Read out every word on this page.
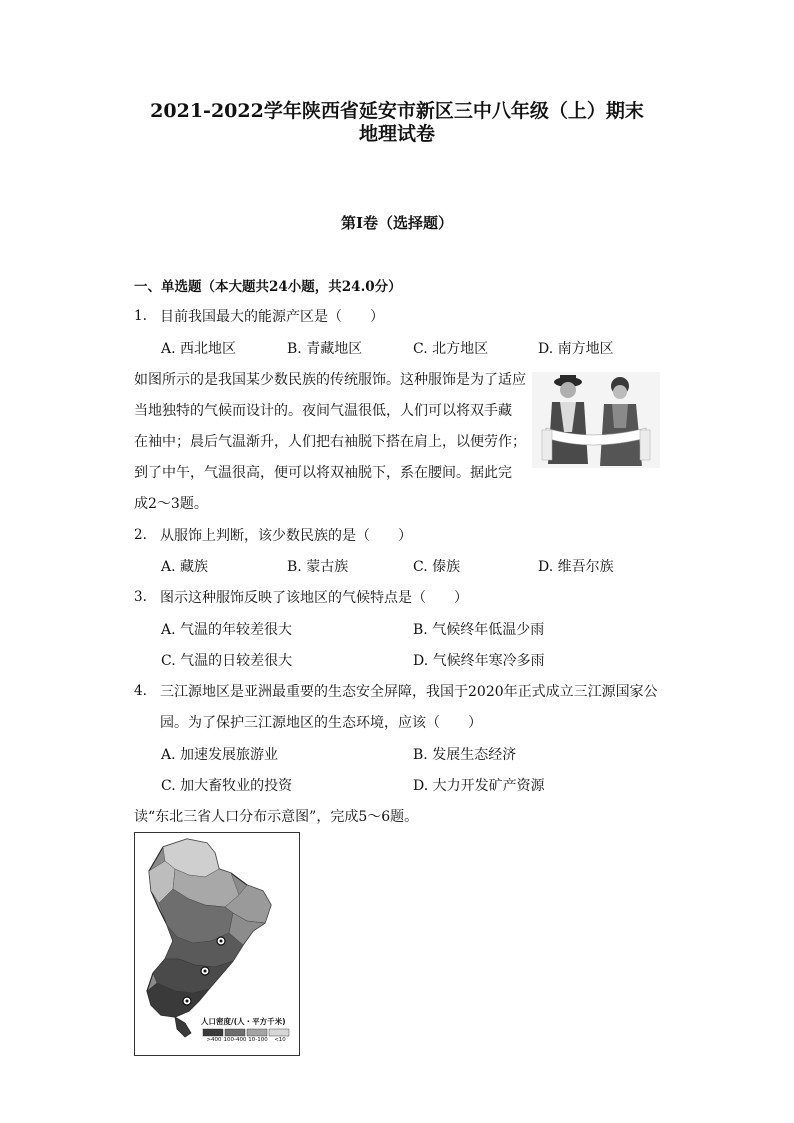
2021-2022学年陕西省延安市新区三中八年级（上）期末
地理试卷
第I卷（选择题）
一、单选题（本大题共24小题，共24.0分）
1. 目前我国最大的能源产区是（　　）
A. 西北地区	B. 青藏地区	C. 北方地区	D. 南方地区
如图所示的是我国某少数民族的传统服饰。这种服饰是为了适应
当地独特的气候而设计的。夜间气温很低，人们可以将双手藏
在袖中；晨后气温渐升，人们把右袖脱下搭在肩上，以便劳作；
到了中午，气温很高，便可以将双袖脱下，系在腰间。据此完
成2～3题。
2. 从服饰上判断，该少数民族的是（　　）
A. 藏族	B. 蒙古族	C. 傣族	D. 维吾尔族
3. 图示这种服饰反映了该地区的气候特点是（　　）
A. 气温的年较差很大	B. 气候终年低温少雨
C. 气温的日较差很大	D. 气候终年寒冷多雨
4. 三江源地区是亚洲最重要的生态安全屏障，我国于2020年正式成立三江源国家公
园。为了保护三江源地区的生态环境，应该（　　）
A. 加速发展旅游业	B. 发展生态经济
C. 加大畜牧业的投资	D. 大力开发矿产资源
读“东北三省人口分布示意图”，完成5～6题。
人口密度/(人・平方千米)
>400 100-400 10-100	<10
